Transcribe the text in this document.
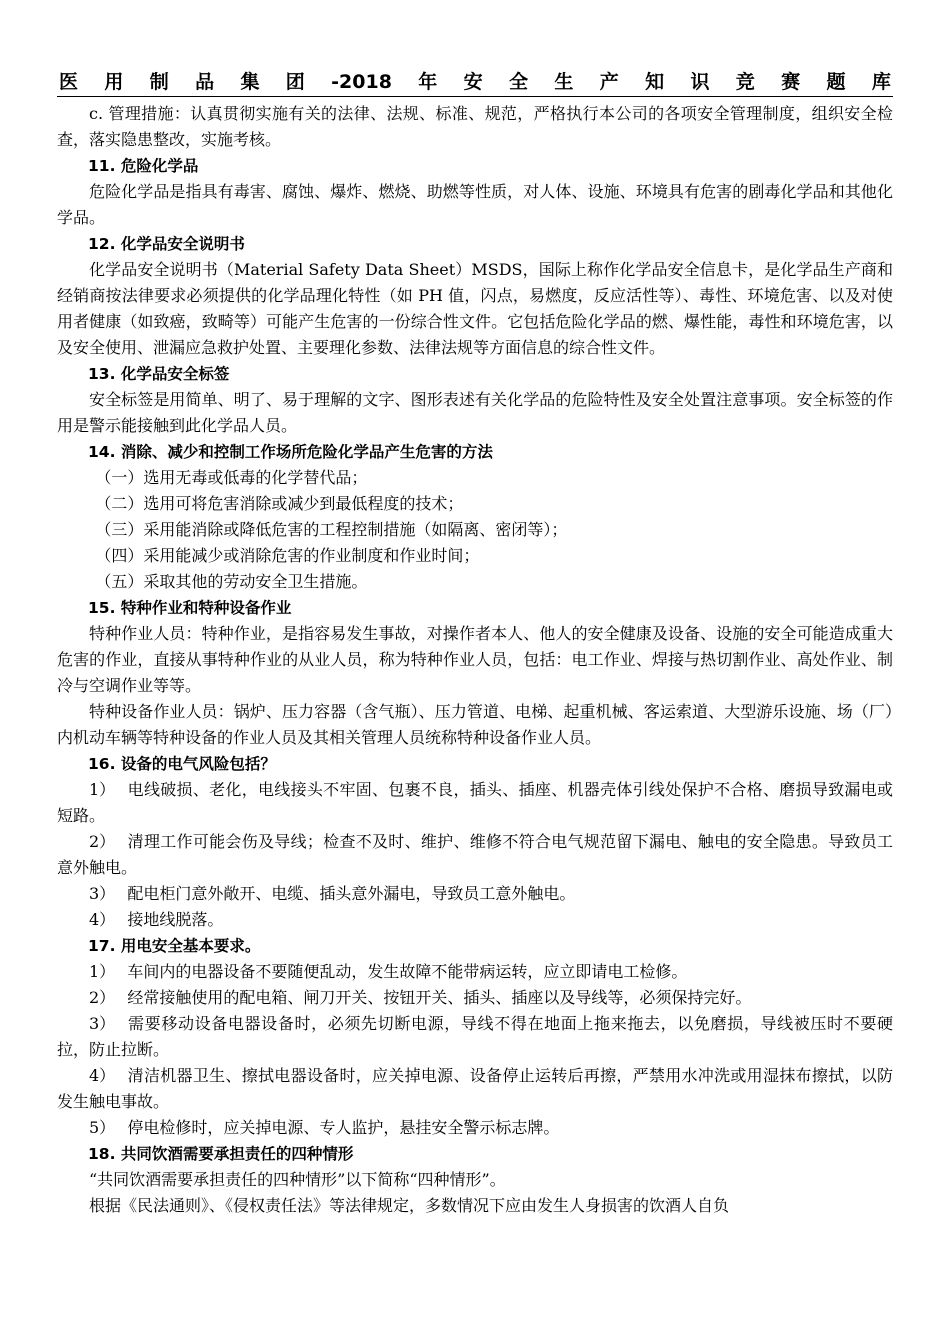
医 用 制 品 集 团 -2018 年 安 全 生 产 知 识 竞 赛 题 库

c. 管理措施：认真贯彻实施有关的法律、法规、标准、规范，严格执行本公司的各项安全管理制度，组织安全检查，落实隐患整改，实施考核。

11. 危险化学品

危险化学品是指具有毒害、腐蚀、爆炸、燃烧、助燃等性质，对人体、设施、环境具有危害的剧毒化学品和其他化学品。

12. 化学品安全说明书

化学品安全说明书（Material Safety Data Sheet）MSDS，国际上称作化学品安全信息卡，是化学品生产商和经销商按法律要求必须提供的化学品理化特性（如 PH 值，闪点，易燃度，反应活性等）、毒性、环境危害、以及对使用者健康（如致癌，致畸等）可能产生危害的一份综合性文件。它包括危险化学品的燃、爆性能，毒性和环境危害，以及安全使用、泄漏应急救护处置、主要理化参数、法律法规等方面信息的综合性文件。

13. 化学品安全标签

安全标签是用简单、明了、易于理解的文字、图形表述有关化学品的危险特性及安全处置注意事项。安全标签的作用是警示能接触到此化学品人员。

14. 消除、减少和控制工作场所危险化学品产生危害的方法

（一）选用无毒或低毒的化学替代品；

（二）选用可将危害消除或减少到最低程度的技术；

（三）采用能消除或降低危害的工程控制措施（如隔离、密闭等）；

（四）采用能减少或消除危害的作业制度和作业时间；

（五）采取其他的劳动安全卫生措施。

15. 特种作业和特种设备作业

特种作业人员：特种作业，是指容易发生事故，对操作者本人、他人的安全健康及设备、设施的安全可能造成重大危害的作业，直接从事特种作业的从业人员，称为特种作业人员，包括：电工作业、焊接与热切割作业、高处作业、制冷与空调作业等等。

特种设备作业人员：锅炉、压力容器（含气瓶）、压力管道、电梯、起重机械、客运索道、大型游乐设施、场（厂）内机动车辆等特种设备的作业人员及其相关管理人员统称特种设备作业人员。

16. 设备的电气风险包括？

1） 电线破损、老化，电线接头不牢固、包裹不良，插头、插座、机器壳体引线处保护不合格、磨损导致漏电或短路。

2） 清理工作可能会伤及导线；检查不及时、维护、维修不符合电气规范留下漏电、触电的安全隐患。导致员工意外触电。

3） 配电柜门意外敞开、电缆、插头意外漏电，导致员工意外触电。

4） 接地线脱落。

17. 用电安全基本要求。

1） 车间内的电器设备不要随便乱动，发生故障不能带病运转，应立即请电工检修。

2） 经常接触使用的配电箱、闸刀开关、按钮开关、插头、插座以及导线等，必须保持完好。

3） 需要移动设备电器设备时，必须先切断电源，导线不得在地面上拖来拖去，以免磨损，导线被压时不要硬拉，防止拉断。

4） 清洁机器卫生、擦拭电器设备时，应关掉电源、设备停止运转后再擦，严禁用水冲洗或用湿抹布擦拭，以防发生触电事故。

5） 停电检修时，应关掉电源、专人监护，悬挂安全警示标志牌。

18. 共同饮酒需要承担责任的四种情形

“共同饮酒需要承担责任的四种情形”以下简称“四种情形”。

根据《民法通则》、《侵权责任法》等法律规定，多数情况下应由发生人身损害的饮酒人自负
